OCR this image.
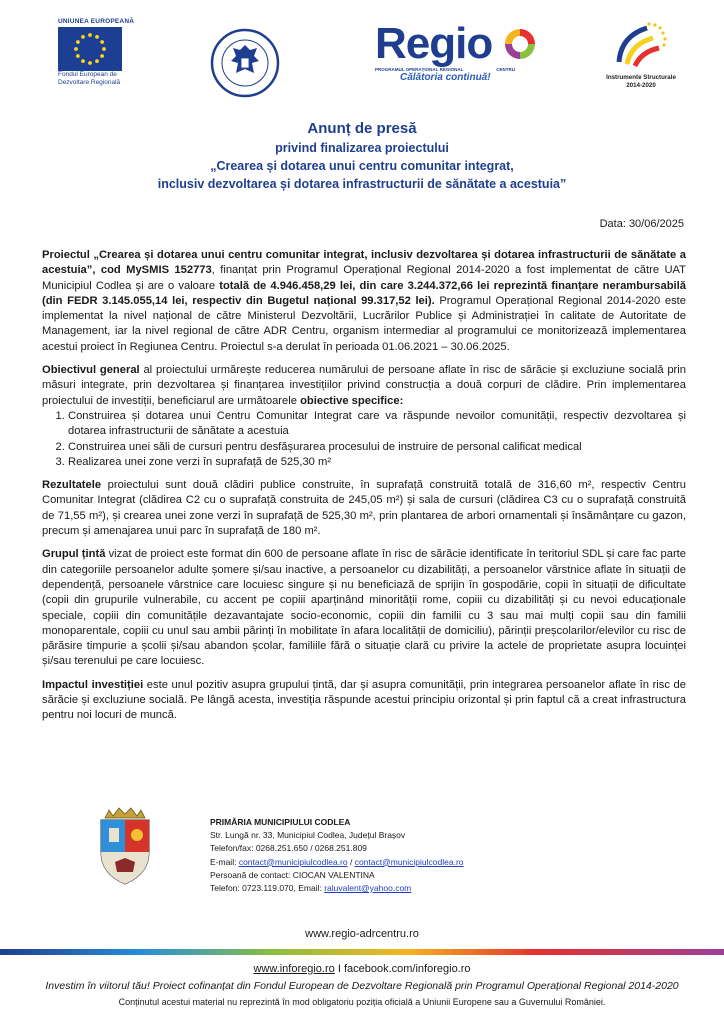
UNIUNEA EUROPEANĂ
Fondul European de
Dezvoltare Regională
Regio
PROGRAMUL OPERAȚIONAL REGIONAL	CENTRU
Călătoria continuă!	Instrumente Structurale
2014-2020
Anunț de presă
privind finalizarea proiectului
„Crearea și dotarea unui centru comunitar integrat,
inclusiv dezvoltarea și dotarea infrastructurii de sănătate a acestuia”
Data: 30/06/2025

Proiectul „Crearea și dotarea unui centru comunitar integrat, inclusiv dezvoltarea și dotarea infrastructurii de sănătate a acestuia”, cod MySMIS 152773, finanțat prin Programul Operațional Regional 2014-2020 a fost implementat de către UAT Municipiul Codlea și are o valoare totală de 4.946.458,29 lei, din care 3.244.372,66 lei reprezintă finanțare nerambursabilă (din FEDR 3.145.055,14 lei, respectiv din Bugetul național 99.317,52 lei). Programul Operațional Regional 2014-2020 este implementat la nivel național de către Ministerul Dezvoltării, Lucrărilor Publice și Administrației în calitate de Autoritate de Management, iar la nivel regional de către ADR Centru, organism intermediar al programului ce monitorizează implementarea acestui proiect în Regiunea Centru. Proiectul s-a derulat în perioada 01.06.2021 – 30.06.2025.

Obiectivul general al proiectului urmărește reducerea numărului de persoane aflate în risc de sărăcie și excluziune socială prin măsuri integrate, prin dezvoltarea și finanțarea investițiilor privind construcția a două corpuri de clădire. Prin implementarea proiectului de investiții, beneficiarul are următoarele obiective specifice:

1. Construirea și dotarea unui Centru Comunitar Integrat care va răspunde nevoilor comunității, respectiv dezvoltarea și dotarea infrastructurii de sănătate a acestuia
2. Construirea unei săli de cursuri pentru desfășurarea procesului de instruire de personal calificat medical
3. Realizarea unei zone verzi în suprafață de 525,30 m²

Rezultatele proiectului sunt două clădiri publice construite, în suprafață construită totală de 316,60 m², respectiv Centru Comunitar Integrat (clădirea C2 cu o suprafață construita de 245,05 m²) și sala de cursuri (clădirea C3 cu o suprafață construită de 71,55 m²), și crearea unei zone verzi în suprafață de 525,30 m², prin plantarea de arbori ornamentali și însămânțare cu gazon, precum și amenajarea unui parc în suprafață de 180 m².

Grupul țintă vizat de proiect este format din 600 de persoane aflate în risc de sărăcie identificate în teritoriul SDL și care fac parte din categoriile persoanelor adulte șomere și/sau inactive, a persoanelor cu dizabilități, a persoanelor vârstnice aflate în situații de dependență, persoanele vârstnice care locuiesc singure și nu beneficiază de sprijin în gospodărie, copii în situații de dificultate (copii din grupurile vulnerabile, cu accent pe copiii aparținând minorității rome, copiii cu dizabilități și cu nevoi educaționale speciale, copiii din comunitățile dezavantajate socio-economic, copiii din familii cu 3 sau mai mulți copii sau din familii monoparentale, copiii cu unul sau ambii părinți în mobilitate în afara localității de domiciliu), părinții preșcolarilor/elevilor cu risc de părăsire timpurie a școlii și/sau abandon școlar, familiile fără o situație clară cu privire la actele de proprietate asupra locuinței și/sau terenului pe care locuiesc.

Impactul investiției este unul pozitiv asupra grupului țintă, dar și asupra comunității, prin integrarea persoanelor aflate în risc de sărăcie și excluziune socială. Pe lângă acesta, investiția răspunde acestui principiu orizontal și prin faptul că a creat infrastructura pentru noi locuri de muncă.

PRIMĂRIA MUNICIPIULUI CODLEA
Str. Lungă nr. 33, Municipiul Codlea, Județul Brașov
Telefon/fax: 0268.251.650 / 0268.251.809
E-mail: contact@municipiulcodlea.ro / contact@municipiulcodlea.ro
Persoană de contact: CIOCAN VALENTINA
Telefon: 0723.119.070, Email: raluvalent@yahoo.com
www.regio-adrcentru.ro
www.inforegio.ro I facebook.com/inforegio.ro
Investim în viitorul tău! Proiect cofinanțat din Fondul European de Dezvoltare Regională prin Programul Operațional Regional 2014-2020
Conținutul acestui material nu reprezintă în mod obligatoriu poziția oficială a Uniunii Europene sau a Guvernului României.
